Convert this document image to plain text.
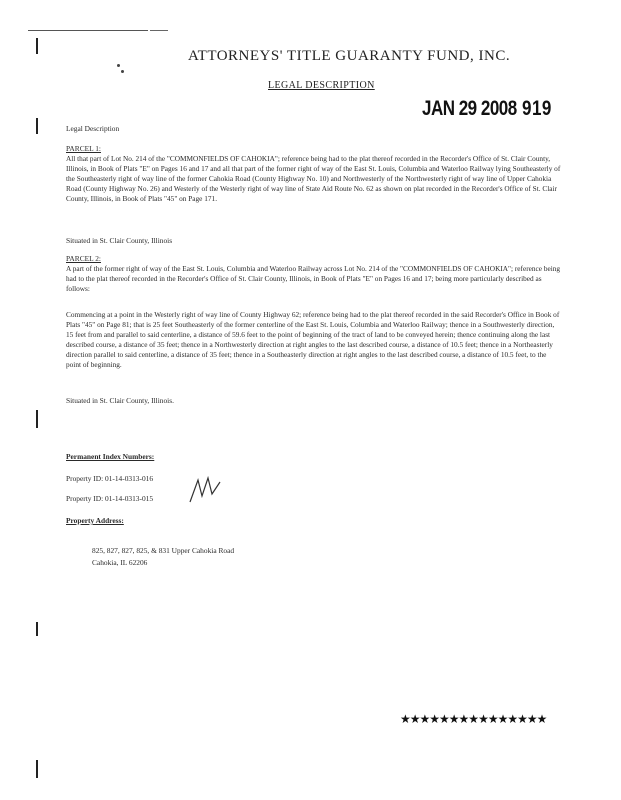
ATTORNEYS' TITLE GUARANTY FUND, INC.
LEGAL DESCRIPTION
JAN 29 2008 919
Legal Description
PARCEL 1:
All that part of Lot No. 214 of the "COMMONFIELDS OF CAHOKIA"; reference being had to the plat thereof recorded in the Recorder's Office of St. Clair County, Illinois, in Book of Plats "E" on Pages 16 and 17 and all that part of the former right of way of the East St. Louis, Columbia and Waterloo Railway lying Southeasterly of the Southeasterly right of way line of the former Cahokia Road (County Highway No. 10) and Northwesterly of the Northwesterly right of way line of Upper Cahokia Road (County Highway No. 26) and Westerly of the Westerly right of way line of State Aid Route No. 62 as shown on plat recorded in the Recorder's Office of St. Clair County, Illinois, in Book of Plats "45" on Page 171.
Situated in St. Clair County, Illinois
PARCEL 2:
A part of the former right of way of the East St. Louis, Columbia and Waterloo Railway across Lot No. 214 of the "COMMONFIELDS OF CAHOKIA"; reference being had to the plat thereof recorded in the Recorder's Office of St. Clair County, Illinois, in Book of Plats "E" on Pages 16 and 17; being more particularly described as follows:
Commencing at a point in the Westerly right of way line of County Highway 62; reference being had to the plat thereof recorded in the said Recorder's Office in Book of Plats "45" on Page 81; that is 25 feet Southeasterly of the former centerline of the East St. Louis, Columbia and Waterloo Railway; thence in a Southwesterly direction, 15 feet from and parallel to said centerline, a distance of 59.6 feet to the point of beginning of the tract of land to be conveyed herein; thence continuing along the last described course, a distance of 35 feet; thence in a Northwesterly direction at right angles to the last described course, a distance of 10.5 feet; thence in a Northeasterly direction parallel to said centerline, a distance of 35 feet; thence in a Southeasterly direction at right angles to the last described course, a distance of 10.5 feet, to the point of beginning.
Situated in St. Clair County, Illinois.
Permanent Index Numbers:
Property ID: 01-14-0313-016
Property ID: 01-14-0313-015
Property Address:
825, 827, 827, 825, & 831 Upper Cahokia Road
Cahokia, IL 62206
★★★★★★★★★★★★★★★
